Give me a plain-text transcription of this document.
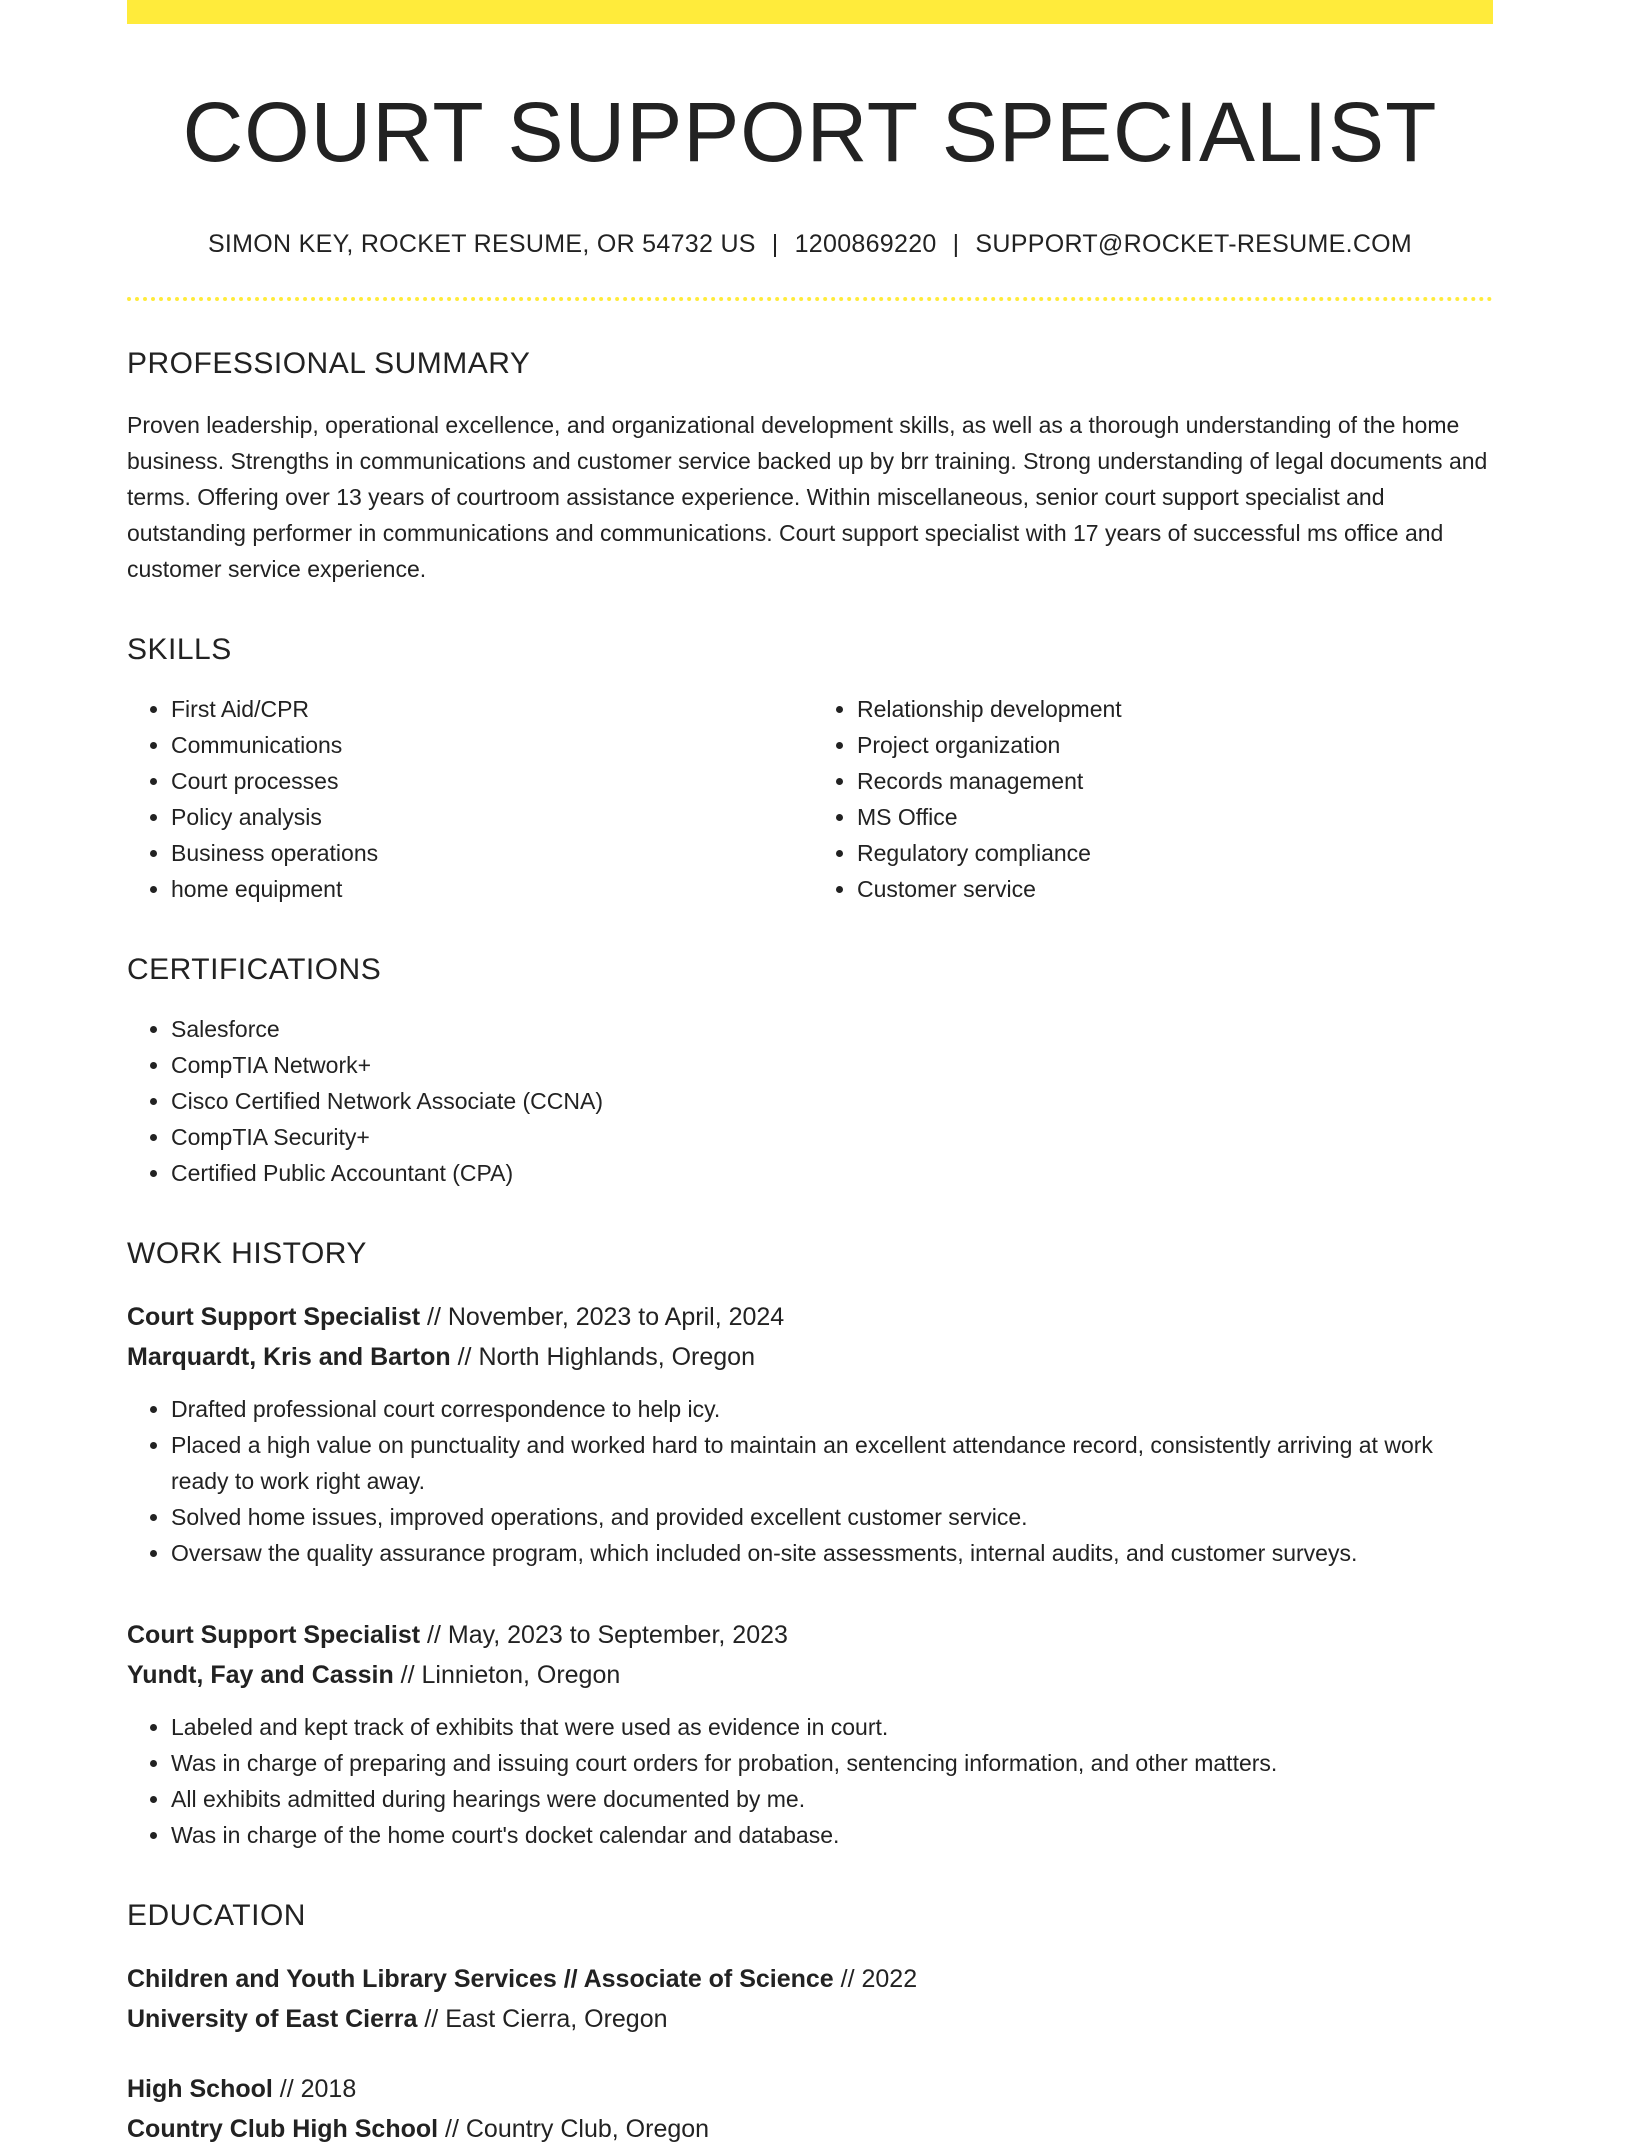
COURT SUPPORT SPECIALIST
SIMON KEY, ROCKET RESUME, OR 54732 US | 1200869220 | SUPPORT@ROCKET-RESUME.COM
PROFESSIONAL SUMMARY

Proven leadership, operational excellence, and organizational development skills, as well as a thorough understanding of the home business. Strengths in communications and customer service backed up by brr training. Strong understanding of legal documents and terms. Offering over 13 years of courtroom assistance experience. Within miscellaneous, senior court support specialist and outstanding performer in communications and communications. Court support specialist with 17 years of successful ms office and customer service experience.

SKILLS
• First Aid/CPR
• Communications
• Court processes
• Policy analysis
• Business operations
• home equipment
• Relationship development
• Project organization
• Records management
• MS Office
• Regulatory compliance
• Customer service
CERTIFICATIONS
• Salesforce
• CompTIA Network+
• Cisco Certified Network Associate (CCNA)
• CompTIA Security+
• Certified Public Accountant (CPA)
WORK HISTORY
Court Support Specialist // November, 2023 to April, 2024
Marquardt, Kris and Barton // North Highlands, Oregon
• Drafted professional court correspondence to help icy.
• Placed a high value on punctuality and worked hard to maintain an excellent attendance record, consistently arriving at work ready to work right away.
• Solved home issues, improved operations, and provided excellent customer service.
• Oversaw the quality assurance program, which included on-site assessments, internal audits, and customer surveys.
Court Support Specialist // May, 2023 to September, 2023
Yundt, Fay and Cassin // Linnieton, Oregon
• Labeled and kept track of exhibits that were used as evidence in court.
• Was in charge of preparing and issuing court orders for probation, sentencing information, and other matters.
• All exhibits admitted during hearings were documented by me.
• Was in charge of the home court's docket calendar and database.
EDUCATION
Children and Youth Library Services // Associate of Science // 2022
University of East Cierra // East Cierra, Oregon
High School // 2018
Country Club High School // Country Club, Oregon
